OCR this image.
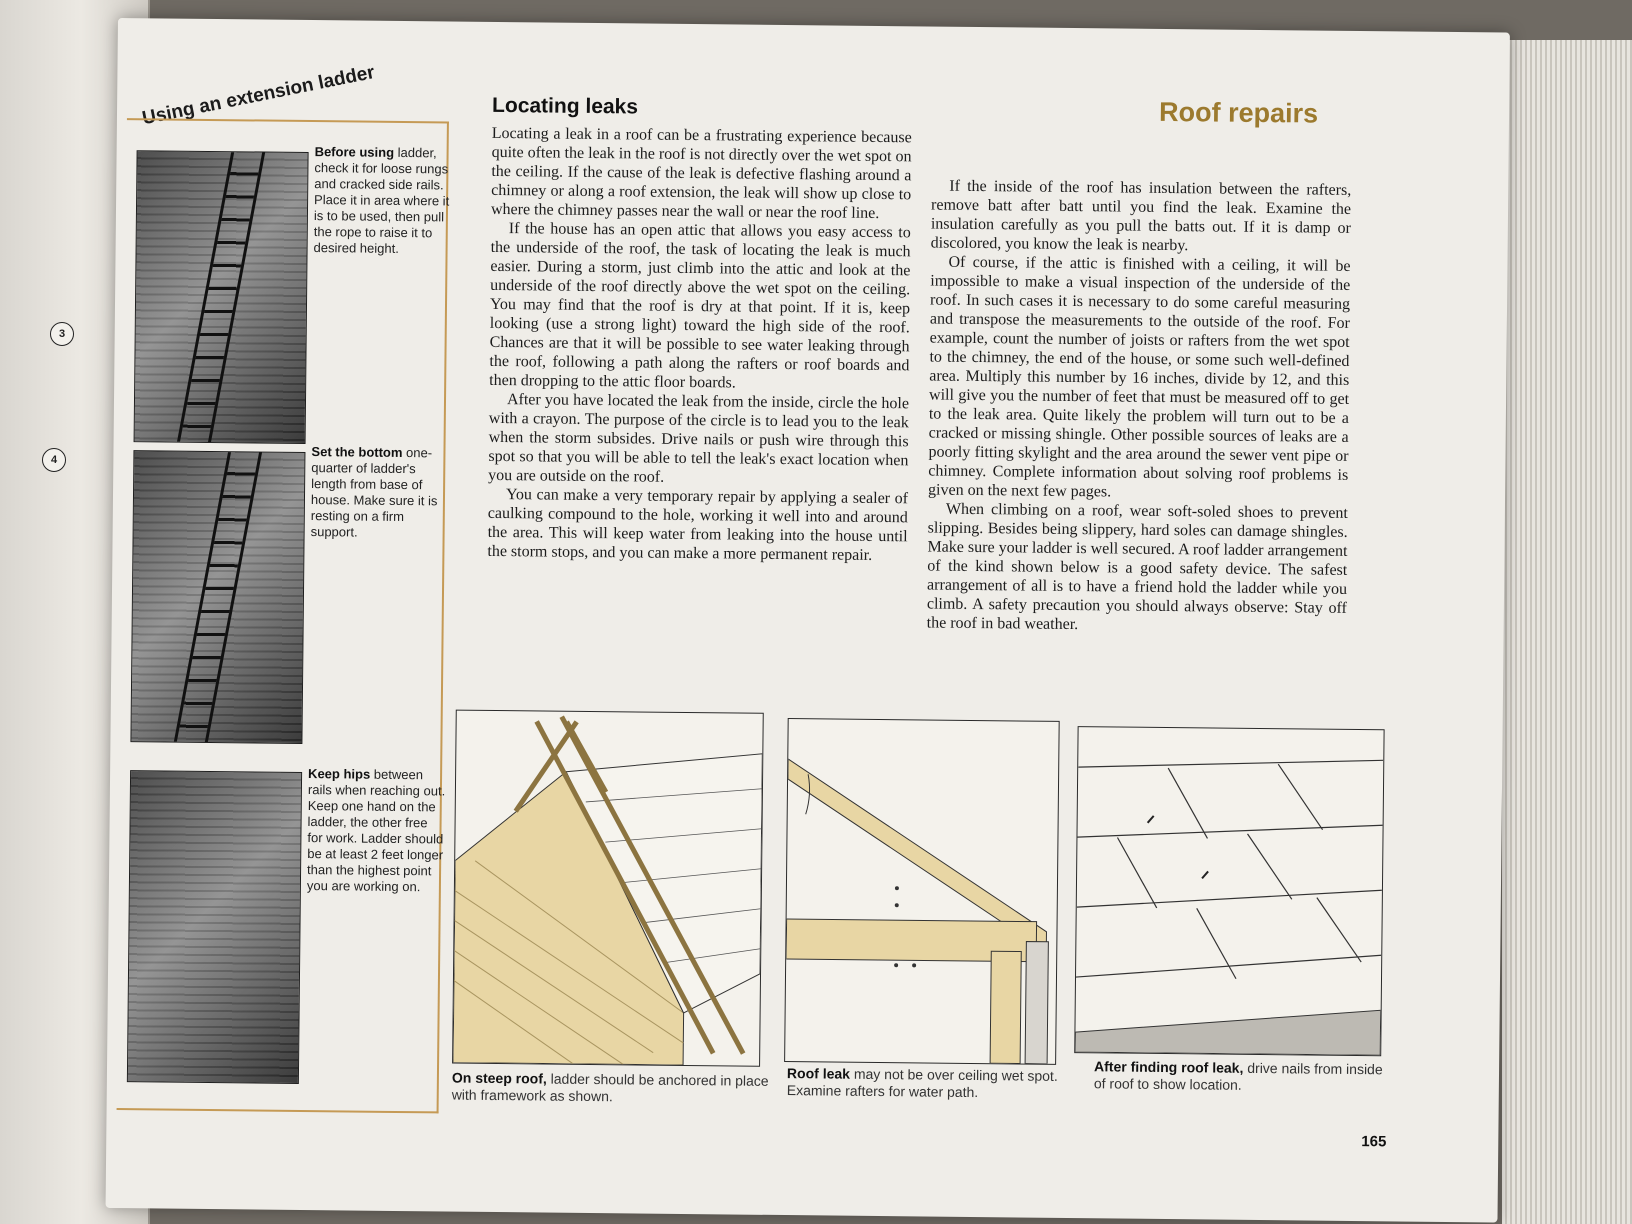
3
4
Using an extension ladder

Before using ladder, check it for loose rungs and cracked side rails. Place it in area where it is to be used, then pull the rope to raise it to desired height.

Set the bottom one-quarter of ladder's length from base of house. Make sure it is resting on a firm support.

Keep hips between rails when reaching out. Keep one hand on the ladder, the other free for work. Ladder should be at least 2 feet longer than the highest point you are working on.

Roof repairs
Locating leaks

Locating a leak in a roof can be a frustrating experience because quite often the leak in the roof is not directly over the wet spot on the ceiling. If the cause of the leak is defective flashing around a chimney or along a roof extension, the leak will show up close to where the chimney passes near the wall or near the roof line.

If the house has an open attic that allows you easy access to the underside of the roof, the task of locating the leak is much easier. During a storm, just climb into the attic and look at the underside of the roof directly above the wet spot on the ceiling. You may find that the roof is dry at that point. If it is, keep looking (use a strong light) toward the high side of the roof. Chances are that it will be possible to see water leaking through the roof, following a path along the rafters or roof boards and then dropping to the attic floor boards.

After you have located the leak from the inside, circle the hole with a crayon. The purpose of the circle is to lead you to the leak when the storm subsides. Drive nails or push wire through this spot so that you will be able to tell the leak's exact location when you are outside on the roof.

You can make a very temporary repair by applying a sealer of caulking compound to the hole, working it well into and around the area. This will keep water from leaking into the house until the storm stops, and you can make a more permanent repair.

If the inside of the roof has insulation between the rafters, remove batt after batt until you find the leak. Examine the insulation carefully as you pull the batts out. If it is damp or discolored, you know the leak is nearby.

Of course, if the attic is finished with a ceiling, it will be impossible to make a visual inspection of the underside of the roof. In such cases it is necessary to do some careful measuring and transpose the measurements to the outside of the roof. For example, count the number of joists or rafters from the wet spot to the chimney, the end of the house, or some such well-defined area. Multiply this number by 16 inches, divide by 12, and this will give you the number of feet that must be measured off to get to the leak area. Quite likely the problem will turn out to be a cracked or missing shingle. Other possible sources of leaks are a poorly fitting skylight and the area around the sewer vent pipe or chimney. Complete information about solving roof problems is given on the next few pages.

When climbing on a roof, wear soft-soled shoes to prevent slipping. Besides being slippery, hard soles can damage shingles. Make sure your ladder is well secured. A roof ladder arrangement of the kind shown below is a good safety device. The safest arrangement of all is to have a friend hold the ladder while you climb. A safety precaution you should always observe: Stay off the roof in bad weather.

On steep roof, ladder should be anchored in place with framework as shown.

Roof leak may not be over ceiling wet spot. Examine rafters for water path.

After finding roof leak, drive nails from inside of roof to show location.

165
